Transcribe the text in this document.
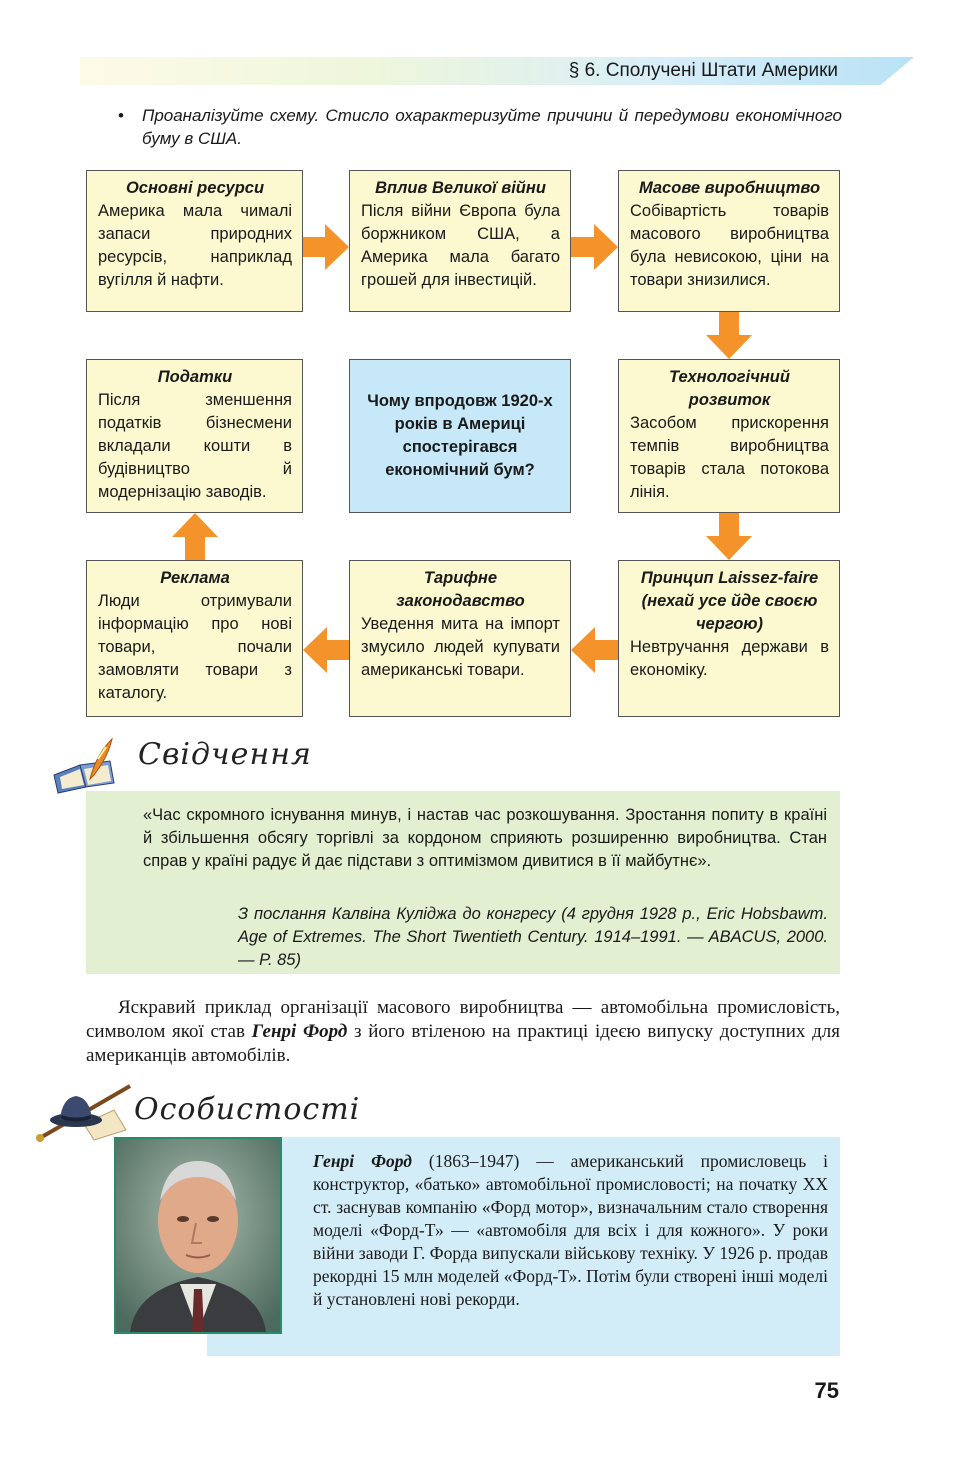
§ 6. Сполучені Штати Америки
•	Проаналізуйте схему. Стисло охарактеризуйте причини й передумови економічного буму в США.
Основні ресурси
Америка мала чималі запаси природних ресурсів, наприклад вугілля й нафти.
Вплив Великої війни
Після війни Європа була боржником США, а Америка мала багато грошей для інвестицій.
Масове виробництво
Собівартість товарів масового виробництва була невисокою, ціни на товари знизилися.
Податки
Після зменшення податків бізнесмени вкладали кошти в будівництво й модернізацію заводів.
Чому впродовж 1920-х років в Америці спостерігався економічний бум?
Технологічний розвиток
Засобом прискорення темпів виробництва товарів стала потокова лінія.
Реклама
Люди отримували інформацію про нові товари, почали замовляти товари з каталогу.
Тарифне законодавство
Уведення мита на імпорт змусило людей купувати американські товари.
Принцип Laissez-faire (нехай усе йде своєю чергою)
Невтручання держави в економіку.
Свідчення
«Час скромного існування минув, і настав час розкошування. Зростання попиту в країні й збільшення обсягу торгівлі за кордоном сприяють розширенню виробництва. Стан справ у країні радує й дає підстави з оптимізмом дивитися в її майбутнє».
З послання Калвіна Куліджа до конгресу (4 грудня 1928 р., Eric Hobsbawm. Age of Extremes. The Short Twentieth Century. 1914–1991. — ABACUS, 2000. — P. 85)
Яскравий приклад організації масового виробництва — автомобільна промисловість, символом якої став Генрі Форд з його втіленою на практиці ідеєю випуску доступних для американців автомобілів.
Особистості
Генрі Форд (1863–1947) — американський промисловець і конструктор, «батько» автомобільної промисловості; на початку XX ст. заснував компанію «Форд мотор», визначальним стало створення моделі «Форд-Т» — «автомобіля для всіх і для кожного». У роки війни заводи Г. Форда випускали військову техніку. У 1926 р. продав рекордні 15 млн моделей «Форд-Т». Потім були створені інші моделі й установлені нові рекорди.
75
